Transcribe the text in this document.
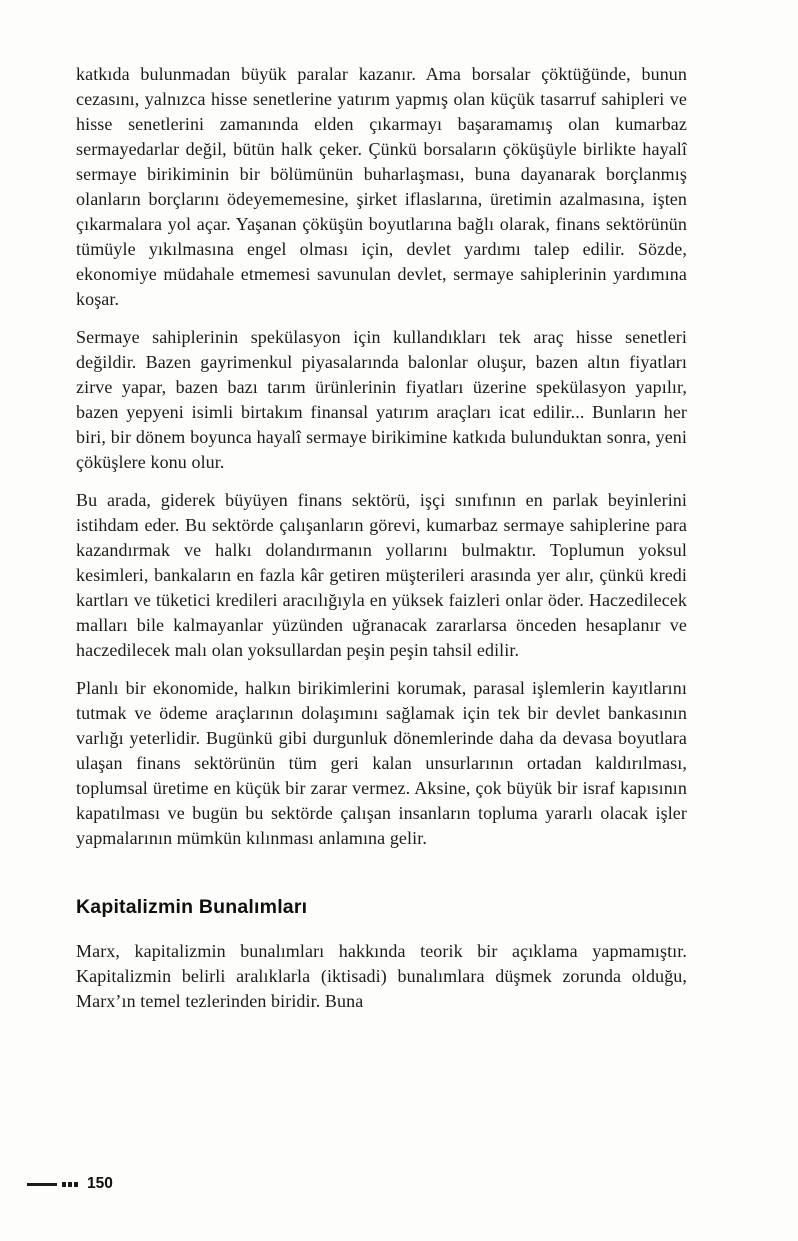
katkıda bulunmadan büyük paralar kazanır. Ama borsalar çöktüğünde, bunun cezasını, yalnızca hisse senetlerine yatırım yapmış olan küçük tasarruf sahipleri ve hisse senetlerini zamanında elden çıkarmayı başaramamış olan kumarbaz sermayedarlar değil, bütün halk çeker. Çünkü borsaların çöküşüyle birlikte hayalî sermaye birikiminin bir bölümünün buharlaşması, buna dayanarak borçlanmış olanların borçlarını ödeyememesine, şirket iflaslarına, üretimin azalmasına, işten çıkarmalara yol açar. Yaşanan çöküşün boyutlarına bağlı olarak, finans sektörünün tümüyle yıkılmasına engel olması için, devlet yardımı talep edilir. Sözde, ekonomiye müdahale etmemesi savunulan devlet, sermaye sahiplerinin yardımına koşar.

Sermaye sahiplerinin spekülasyon için kullandıkları tek araç hisse senetleri değildir. Bazen gayrimenkul piyasalarında balonlar oluşur, bazen altın fiyatları zirve yapar, bazen bazı tarım ürünlerinin fiyatları üzerine spekülasyon yapılır, bazen yepyeni isimli birtakım finansal yatırım araçları icat edilir... Bunların her biri, bir dönem boyunca hayalî sermaye birikimine katkıda bulunduktan sonra, yeni çöküşlere konu olur.

Bu arada, giderek büyüyen finans sektörü, işçi sınıfının en parlak beyinlerini istihdam eder. Bu sektörde çalışanların görevi, kumarbaz sermaye sahiplerine para kazandırmak ve halkı dolandırmanın yollarını bulmaktır. Toplumun yoksul kesimleri, bankaların en fazla kâr getiren müşterileri arasında yer alır, çünkü kredi kartları ve tüketici kredileri aracılığıyla en yüksek faizleri onlar öder. Haczedilecek malları bile kalmayanlar yüzünden uğranacak zararlarsa önceden hesaplanır ve haczedilecek malı olan yoksullardan peşin peşin tahsil edilir.

Planlı bir ekonomide, halkın birikimlerini korumak, parasal işlemlerin kayıtlarını tutmak ve ödeme araçlarının dolaşımını sağlamak için tek bir devlet bankasının varlığı yeterlidir. Bugünkü gibi durgunluk dönemlerinde daha da devasa boyutlara ulaşan finans sektörünün tüm geri kalan unsurlarının ortadan kaldırılması, toplumsal üretime en küçük bir zarar vermez. Aksine, çok büyük bir israf kapısının kapatılması ve bugün bu sektörde çalışan insanların topluma yararlı olacak işler yapmalarının mümkün kılınması anlamına gelir.

Kapitalizmin Bunalımları

Marx, kapitalizmin bunalımları hakkında teorik bir açıklama yapmamıştır. Kapitalizmin belirli aralıklarla (iktisadi) bunalımlara düşmek zorunda olduğu, Marx’ın temel tezlerinden biridir. Buna

150
